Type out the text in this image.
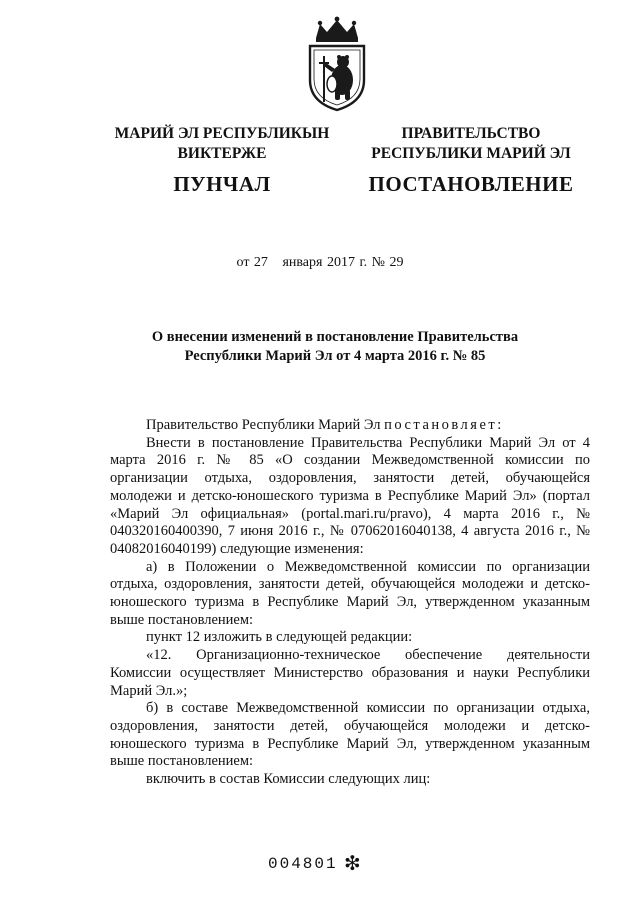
МАРИЙ ЭЛ РЕСПУБЛИКЫН
ВИКТЕРЖЕ
ПУНЧАЛ
ПРАВИТЕЛЬСТВО
РЕСПУБЛИКИ МАРИЙ ЭЛ
ПОСТАНОВЛЕНИЕ
от 27 января 2017 г. № 29
О внесении изменений в постановление Правительства
Республики Марий Эл от 4 марта 2016 г. № 85

Правительство Республики Марий Эл постановляет:

Внести в постановление Правительства Республики Марий Эл от 4 марта 2016 г. № 85 «О создании Межведомственной комиссии по организации отдыха, оздоровления, занятости детей, обучающейся молодежи и детско-юношеского туризма в Республике Марий Эл» (портал «Марий Эл официальная» (portal.mari.ru/pravo), 4 марта 2016 г., № 040320160400390, 7 июня 2016 г., № 07062016040138, 4 августа 2016 г., № 04082016040199) следующие изменения:

а) в Положении о Межведомственной комиссии по организации отдыха, оздоровления, занятости детей, обучающейся молодежи и детско-юношеского туризма в Республике Марий Эл, утвержденном указанным выше постановлением:

пункт 12 изложить в следующей редакции:

«12. Организационно-техническое обеспечение деятельности Комиссии осуществляет Министерство образования и науки Республики Марий Эл.»;

б) в составе Межведомственной комиссии по организации отдыха, оздоровления, занятости детей, обучающейся молодежи и детско-юношеского туризма в Республике Марий Эл, утвержденном указанным выше постановлением:

включить в состав Комиссии следующих лиц:

004801 ❇
